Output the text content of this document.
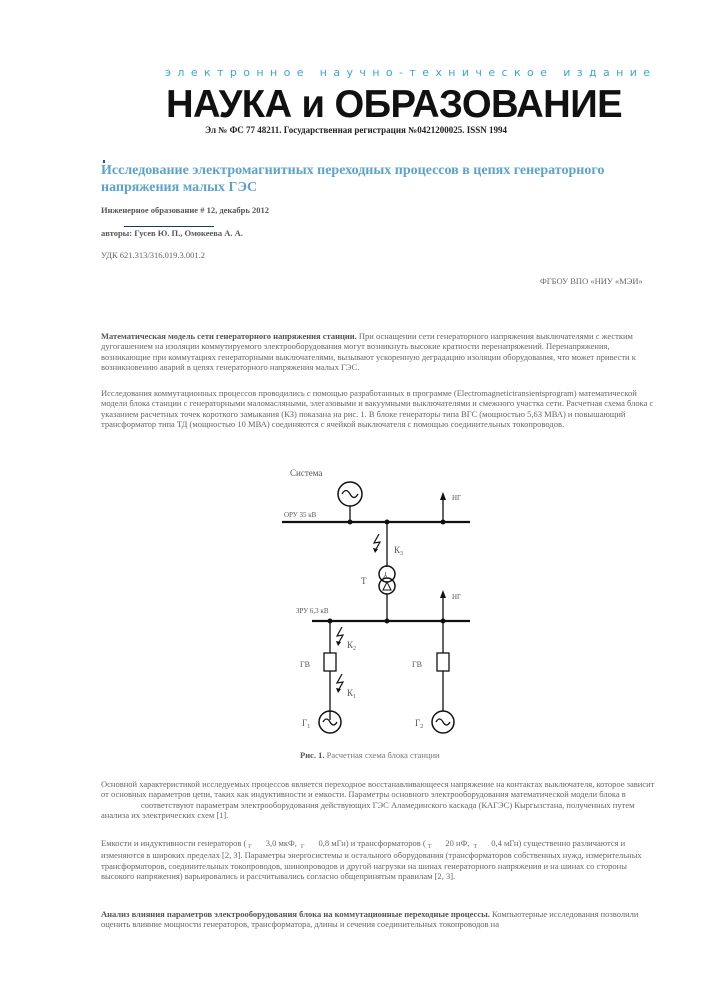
электронное научно-техническое издание
НАУКА и ОБРАЗОВАНИЕ
Эл № ФС 77 48211. Государственная регистрация №0421200025. ISSN 1994
Исследование электромагнитных переходных процессов в цепях генераторного напряжения малых ГЭС
Инженерное образование # 12, декабрь 2012
авторы: Гусев Ю. П., Омокеева А. А.
УДК 621.313/316.019.3.001.2
ФГБОУ ВПО «НИУ «МЭИ»
Математическая модель сети генераторного напряжения станции. При оснащении сети генераторного напряжения выключателями с жестким дугогашением на изоляции коммутируемого электрооборудования могут возникнуть высокие кратности перенапряжений. Перенапряжения, возникающие при коммутациях генераторными выключателями, вызывают ускоренную деградацию изоляции оборудования, что может привести к возникновению аварий в цепях генераторного напряжения малых ГЭС.
Исследования коммутационных процессов проводились с помощью разработанных в программе (Electromagnetictransientsprogram) математической модели блока станции с генераторными маломасляными, элегазовыми и вакуумными выключателями и смежного участка сети. Расчетная схема блока с указанием расчетных точек короткого замыкания (КЗ) показана на рис. 1. В блоке генераторы типа ВГС (мощностью 5,63 МВА) и повышающий трансформатор типа ТД (мощностью 10 МВА) соединяются с ячейкой выключателя с помощью соединительных токопроводов.
Система
ОРУ 35 кВ
НГ
$К_3$
⅄
Т
НГ
ЗРУ 6,3 кВ
$К_2$
ГВ
$К_1$
$Г_1$
ГВ
$Г_2$
Рис. 1. Расчетная схема блока станции
Основной характеристикой исследуемых процессов является переходное восстанавливающееся напряжение на контактах выключателя, которое зависит от основных параметров цепи, таких как индуктивности и емкости. Параметры основного электрооборудования математической модели блока всоответствуют параметрам электрооборудования действующих ГЭС Аламединского каскада (КАГЭС) Кыргызстана, полученных путем анализа их электрических схем [1].
Емкости и индуктивности генераторов ( $_Г$ 3,0 мкФ, $_Г$ 0,8 мГн) и трансформаторов ( $_Т$ 20 нФ, $_Т$ 0,4 мГн) существенно различаются и изменяются в широких пределах [2, 3]. Параметры энергосистемы и остального оборудования (трансформаторов собственных нужд, измерительных трансформаторов, соединительных токопроводов, шинопроводов и другой нагрузки на шинах генераторного напряжения и на шинах со стороны высокого напряжения) варьировались и рассчитывались согласно общепринятым правилам [2, 3].
Анализ влияния параметров электрооборудования блока на коммутационные переходные процессы. Компьютерные исследования позволили оценить влияние мощности генераторов, трансформатора, длины и сечения соединительных токопроводов на
